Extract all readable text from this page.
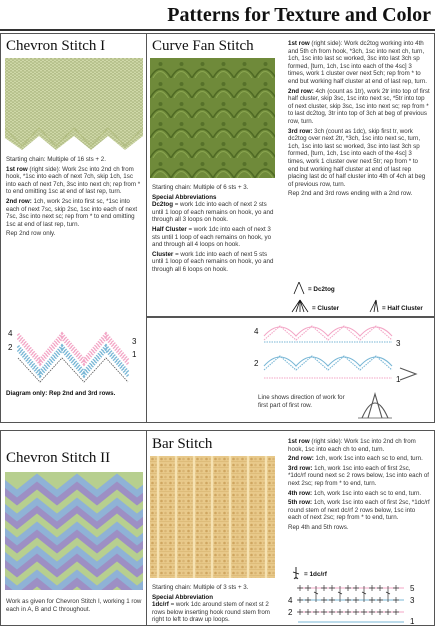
Patterns for Texture and Color
Chevron Stitch I

Starting chain: Multiple of 16 sts + 2.

1st row (right side): Work 2sc into 2nd ch from hook, *1sc into each of next 7ch, skip 1ch, 1sc into each of next 7ch, 3sc into next ch; rep from * to end omitting 1sc at end of last rep, turn.

2nd row: 1ch, work 2sc into first sc, *1sc into each of next 7sc, skip 2sc, 1sc into each of next 7sc, 3sc into next sc; rep from * to end omitting 1sc at end of last rep, turn.

Rep 2nd row only.

4
2
3
1
Diagram only: Rep 2nd and 3rd rows.
Curve Fan Stitch

Starting chain: Multiple of 6 sts + 3.

Special Abbreviations

Dc2tog = work 1dc into each of next 2 sts until 1 loop of each remains on hook, yo and through all 3 loops on hook.

Half Cluster = work 1dc into each of next 3 sts until 1 loop of each remains on hook, yo and through all 4 loops on hook.

Cluster = work 1dc into each of next 5 sts until 1 loop of each remains on hook, yo and through all 6 loops on hook.

1st row (right side): Work dc2tog working into 4th and 5th ch from hook, *3ch, 1sc into next ch, turn, 1ch, 1sc into last sc worked, 3sc into last 3ch sp formed, [turn, 1ch, 1sc into each of the 4sc] 3 times, work 1 cluster over next 5ch; rep from * to end but working half cluster at end of last rep, turn.

2nd row: 4ch (count as 1tr), work 2tr into top of first half cluster, skip 3sc, 1sc into next sc, *5tr into top of next cluster, skip 3sc, 1sc into next sc; rep from * to last dc2tog, 3tr into top of 3ch at beg of previous row, turn.

3rd row: 3ch (count as 1dc), skip first tr, work dc2tog over next 2tr, *3ch, 1sc into next sc, turn, 1ch, 1sc into last sc worked, 3sc into last 3ch sp formed, [turn, 1ch, 1sc into each of the 4sc] 3 times, work 1 cluster over next 5tr; rep from * to end but working half cluster at end of last rep placing last dc of half cluster into 4th of 4ch at beg of previous row, turn.

Rep 2nd and 3rd rows ending with a 2nd row.

= Dc2tog
= Cluster	= Half Cluster
4
3
2
1
Line shows direction of work for first part of first row.
Chevron Stitch II
Work as given for Chevron Stitch I, working 1 row each in A, B and C throughout.
Bar Stitch

Starting chain: Multiple of 3 sts + 3.

Special Abbreviation

1dc/rf = work 1dc around stem of next st 2 rows below inserting hook round stem from right to left to draw up loops.

1st row (right side): Work 1sc into 2nd ch from hook, 1sc into each ch to end, turn.

2nd row: 1ch, work 1sc into each sc to end, turn.

3rd row: 1ch, work 1sc into each of first 2sc, *1dc/rf round next sc 2 rows below, 1sc into each of next 2sc; rep from * to end, turn.

4th row: 1ch, work 1sc into each sc to end, turn.

5th row: 1ch, work 1sc into each of first 2sc, *1dc/rf round stem of next dc/rf 2 rows below, 1sc into each of next 2sc; rep from * to end, turn.

Rep 4th and 5th rows.

= 1dc/rf
5
4	3
2
1
